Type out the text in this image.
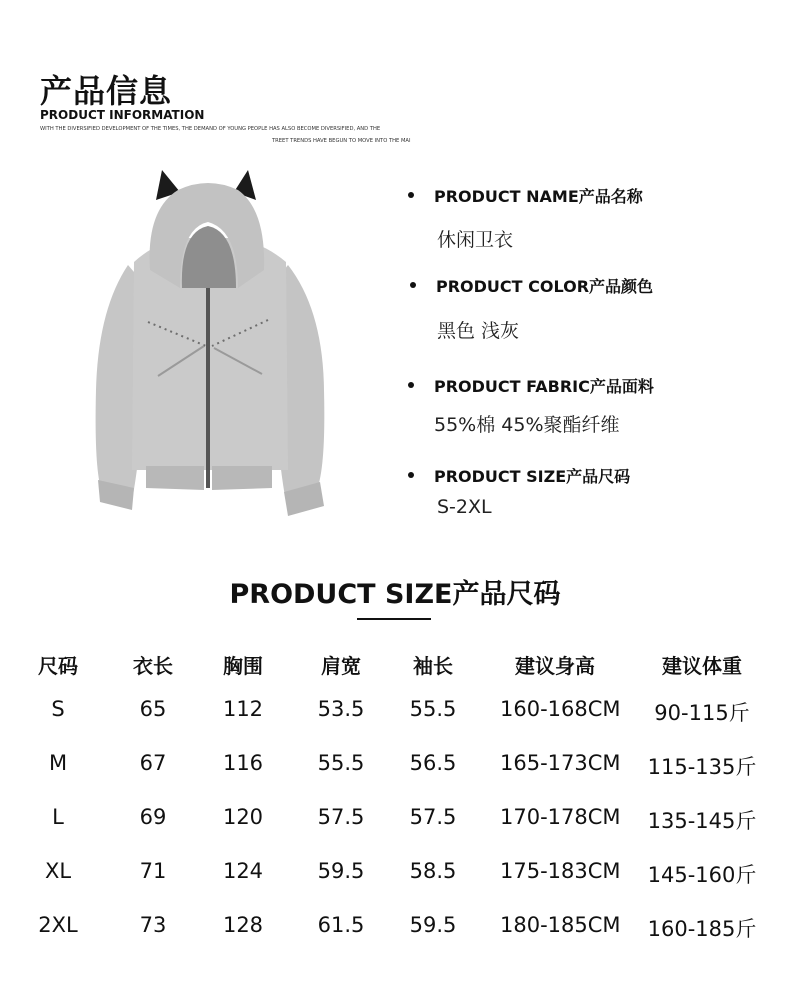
产品信息
PRODUCT INFORMATION
WITH THE DIVERSIFIED DEVELOPMENT OF THE TIMES, THE DEMAND OF YOUNG PEOPLE HAS ALSO BECOME DIVERSIFIED, AND THE
TREET TRENDS HAVE BEGUN TO MOVE INTO THE MAI
PRODUCT NAME产品名称
休闲卫衣
PRODUCT COLOR产品颜色
黑色 浅灰
PRODUCT FABRIC产品面料
55%棉 45%聚酯纤维
PRODUCT SIZE产品尺码
S-2XL
PRODUCT SIZE产品尺码
尺码	衣长	胸围	肩宽	袖长	建议身高	建议体重
S	65	112	53.5	55.5	160-168CM	90-115斤
M	67	116	55.5	56.5	165-173CM 115-135斤
L	69	120	57.5	57.5	170-178CM 135-145斤
XL	71	124	59.5	58.5	175-183CM 145-160斤
2XL	73	128	61.5	59.5	180-185CM 160-185斤
